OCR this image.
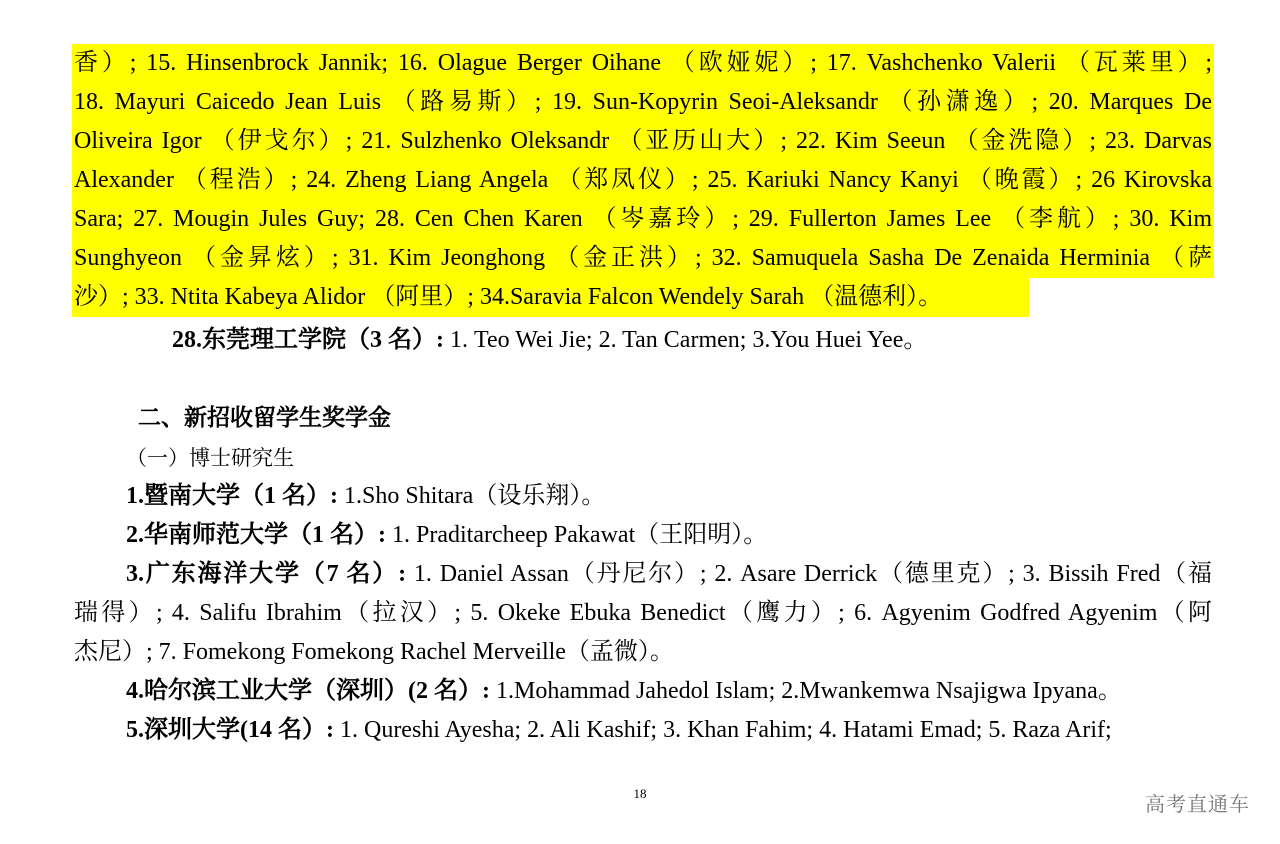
香）; 15. Hinsenbrock Jannik; 16. Olague Berger Oihane （欧娅妮）; 17. Vashchenko Valerii （瓦莱里）;
18. Mayuri Caicedo Jean Luis （路易斯）; 19. Sun-Kopyrin Seoi-Aleksandr （孙潇逸）; 20. Marques De
Oliveira Igor （伊戈尔）; 21. Sulzhenko Oleksandr （亚历山大）; 22. Kim Seeun （金洗隐）; 23. Darvas
Alexander （程浩）; 24. Zheng Liang Angela （郑凤仪）; 25. Kariuki Nancy Kanyi （晚霞）; 26 Kirovska
Sara; 27. Mougin Jules Guy; 28. Cen Chen Karen （岑嘉玲）; 29. Fullerton James Lee （李航）; 30. Kim
Sunghyeon （金昇炫）; 31. Kim Jeonghong （金正洪）; 32. Samuquela Sasha De Zenaida Herminia （萨
沙）; 33. Ntita Kabeya Alidor （阿里）; 34.Saravia Falcon Wendely Sarah （温德利）。
28.东莞理工学院（3 名）: 1. Teo Wei Jie; 2. Tan Carmen; 3.You Huei Yee。
二、新招收留学生奖学金
（一）博士研究生
1.暨南大学（1 名）: 1.Sho Shitara（设乐翔）。
2.华南师范大学（1 名）: 1. Praditarcheep Pakawat（王阳明）。
3.广东海洋大学（7 名）: 1. Daniel Assan（丹尼尔）; 2. Asare Derrick（德里克）; 3. Bissih Fred（福
瑞得）; 4. Salifu Ibrahim（拉汉）; 5. Okeke Ebuka Benedict（鹰力）; 6. Agyenim Godfred Agyenim（阿
杰尼）; 7. Fomekong Fomekong Rachel Merveille（孟微）。
4.哈尔滨工业大学（深圳）(2 名）: 1.Mohammad Jahedol Islam; 2.Mwankemwa Nsajigwa Ipyana。
5.深圳大学(14 名）: 1. Qureshi Ayesha; 2. Ali Kashif; 3. Khan Fahim; 4. Hatami Emad; 5. Raza Arif;
18	高考直通车
